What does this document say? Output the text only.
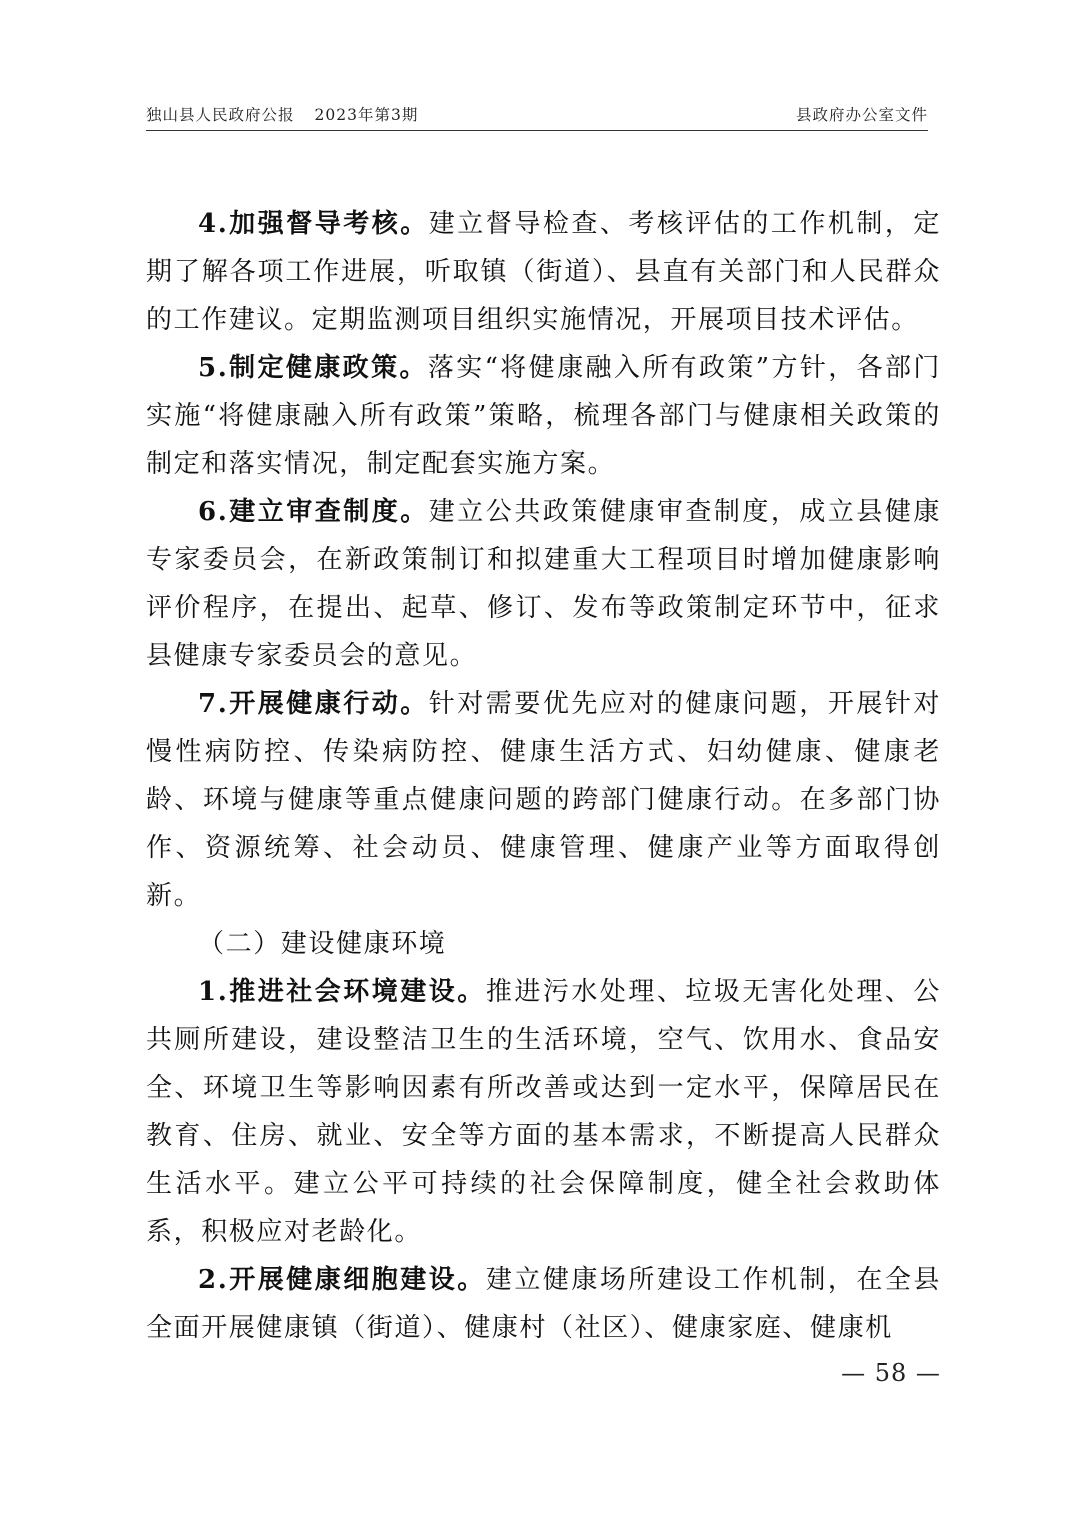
独山县人民政府公报 2023年第3期	县政府办公室文件

4.加强督导考核。建立督导检查、考核评估的工作机制，定期了解各项工作进展，听取镇（街道）、县直有关部门和人民群众的工作建议。定期监测项目组织实施情况，开展项目技术评估。

5.制定健康政策。落实“将健康融入所有政策”方针，各部门实施“将健康融入所有政策”策略，梳理各部门与健康相关政策的制定和落实情况，制定配套实施方案。

6.建立审查制度。建立公共政策健康审查制度，成立县健康专家委员会，在新政策制订和拟建重大工程项目时增加健康影响评价程序，在提出、起草、修订、发布等政策制定环节中，征求县健康专家委员会的意见。

7.开展健康行动。针对需要优先应对的健康问题，开展针对慢性病防控、传染病防控、健康生活方式、妇幼健康、健康老龄、环境与健康等重点健康问题的跨部门健康行动。在多部门协作、资源统筹、社会动员、健康管理、健康产业等方面取得创新。

（二）建设健康环境

1.推进社会环境建设。推进污水处理、垃圾无害化处理、公共厕所建设，建设整洁卫生的生活环境，空气、饮用水、食品安全、环境卫生等影响因素有所改善或达到一定水平，保障居民在教育、住房、就业、安全等方面的基本需求，不断提高人民群众生活水平。建立公平可持续的社会保障制度，健全社会救助体系，积极应对老龄化。

2.开展健康细胞建设。建立健康场所建设工作机制，在全县全面开展健康镇（街道）、健康村（社区）、健康家庭、健康机

— 58 —
